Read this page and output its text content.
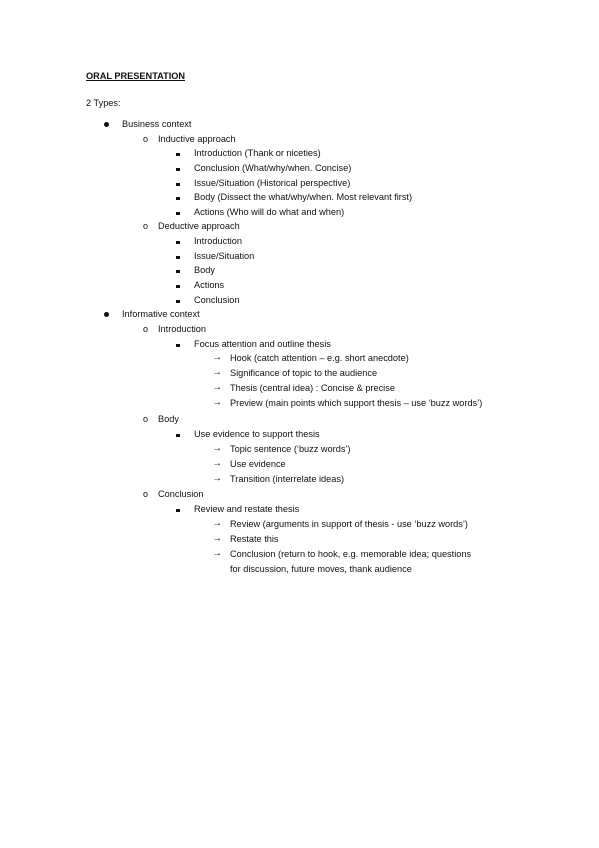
ORAL PRESENTATION
2 Types:
Business context
o Inductive approach
Introduction (Thank or niceties)
Conclusion (What/why/when. Concise)
Issue/Situation (Historical perspective)
Body (Dissect the what/why/when. Most relevant first)
Actions (Who will do what and when)
o Deductive approach
Introduction
Issue/Situation
Body
Actions
Conclusion
Informative context
o Introduction
Focus attention and outline thesis
→ Hook (catch attention – e.g. short anecdote)
→ Significance of topic to the audience
→ Thesis (central idea) : Concise & precise
→ Preview (main points which support thesis – use ‘buzz words’)
o Body
Use evidence to support thesis
→ Topic sentence (‘buzz words’)
→ Use evidence
→ Transition (interrelate ideas)
o Conclusion
Review and restate thesis
→ Review (arguments in support of thesis - use ‘buzz words’)
→ Restate this
→ Conclusion (return to hook, e.g. memorable idea; questions
for discussion, future moves, thank audience
